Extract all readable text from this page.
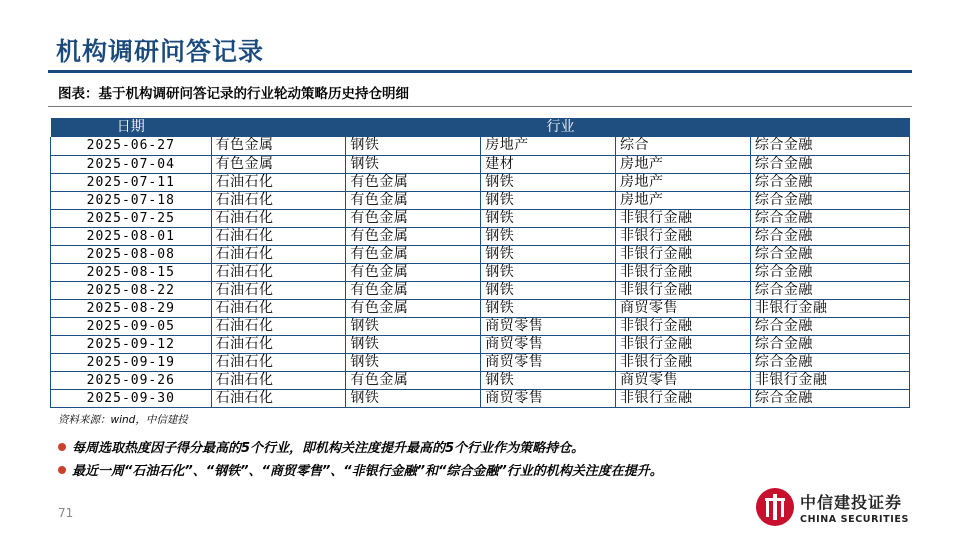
机构调研问答记录
图表：基于机构调研问答记录的行业轮动策略历史持仓明细
日期	行业				
2025-06-27	有色金属	钢铁	房地产	综合	综合金融
2025-07-04	有色金属	钢铁	建材	房地产	综合金融
2025-07-11	石油石化	有色金属	钢铁	房地产	综合金融
2025-07-18	石油石化	有色金属	钢铁	房地产	综合金融
2025-07-25	石油石化	有色金属	钢铁	非银行金融	综合金融
2025-08-01	石油石化	有色金属	钢铁	非银行金融	综合金融
2025-08-08	石油石化	有色金属	钢铁	非银行金融	综合金融
2025-08-15	石油石化	有色金属	钢铁	非银行金融	综合金融
2025-08-22	石油石化	有色金属	钢铁	非银行金融	综合金融
2025-08-29	石油石化	有色金属	钢铁	商贸零售	非银行金融
2025-09-05	石油石化	钢铁	商贸零售	非银行金融	综合金融
2025-09-12	石油石化	钢铁	商贸零售	非银行金融	综合金融
2025-09-19	石油石化	钢铁	商贸零售	非银行金融	综合金融
2025-09-26	石油石化	有色金属	钢铁	商贸零售	非银行金融
2025-09-30	石油石化	钢铁	商贸零售	非银行金融	综合金融
资料来源：wind，中信建投
每周选取热度因子得分最高的5个行业，即机构关注度提升最高的5个行业作为策略持仓。
最近一周“石油石化”、“钢铁”、“商贸零售”、“非银行金融”和“综合金融”行业的机构关注度在提升。
71
中信建投证券
CHINA SECURITIES
